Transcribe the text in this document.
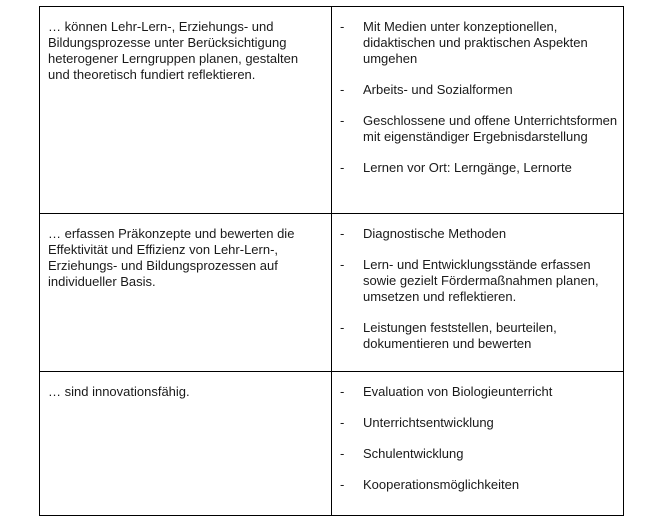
… können Lehr-Lern-, Erziehungs- und Bildungsprozesse unter Berücksichtigung heterogener Lerngruppen planen, gestalten und theoretisch fundiert reflektieren.
- Mit Medien unter konzeptionellen, didaktischen und praktischen Aspekten umgehen
- Arbeits- und Sozialformen
- Geschlossene und offene Unterrichtsformen mit eigenständiger Ergebnisdarstellung
- Lernen vor Ort: Lerngänge, Lernorte
… erfassen Präkonzepte und bewerten die Effektivität und Effizienz von Lehr-Lern-, Erziehungs- und Bildungsprozessen auf individueller Basis.
- Diagnostische Methoden
- Lern- und Entwicklungsstände erfassen sowie gezielt Fördermaßnahmen planen, umsetzen und reflektieren.
- Leistungen feststellen, beurteilen, dokumentieren und bewerten
… sind innovationsfähig.	- Evaluation von Biologieunterricht
- Unterrichtsentwicklung
- Schulentwicklung
- Kooperationsmöglichkeiten
